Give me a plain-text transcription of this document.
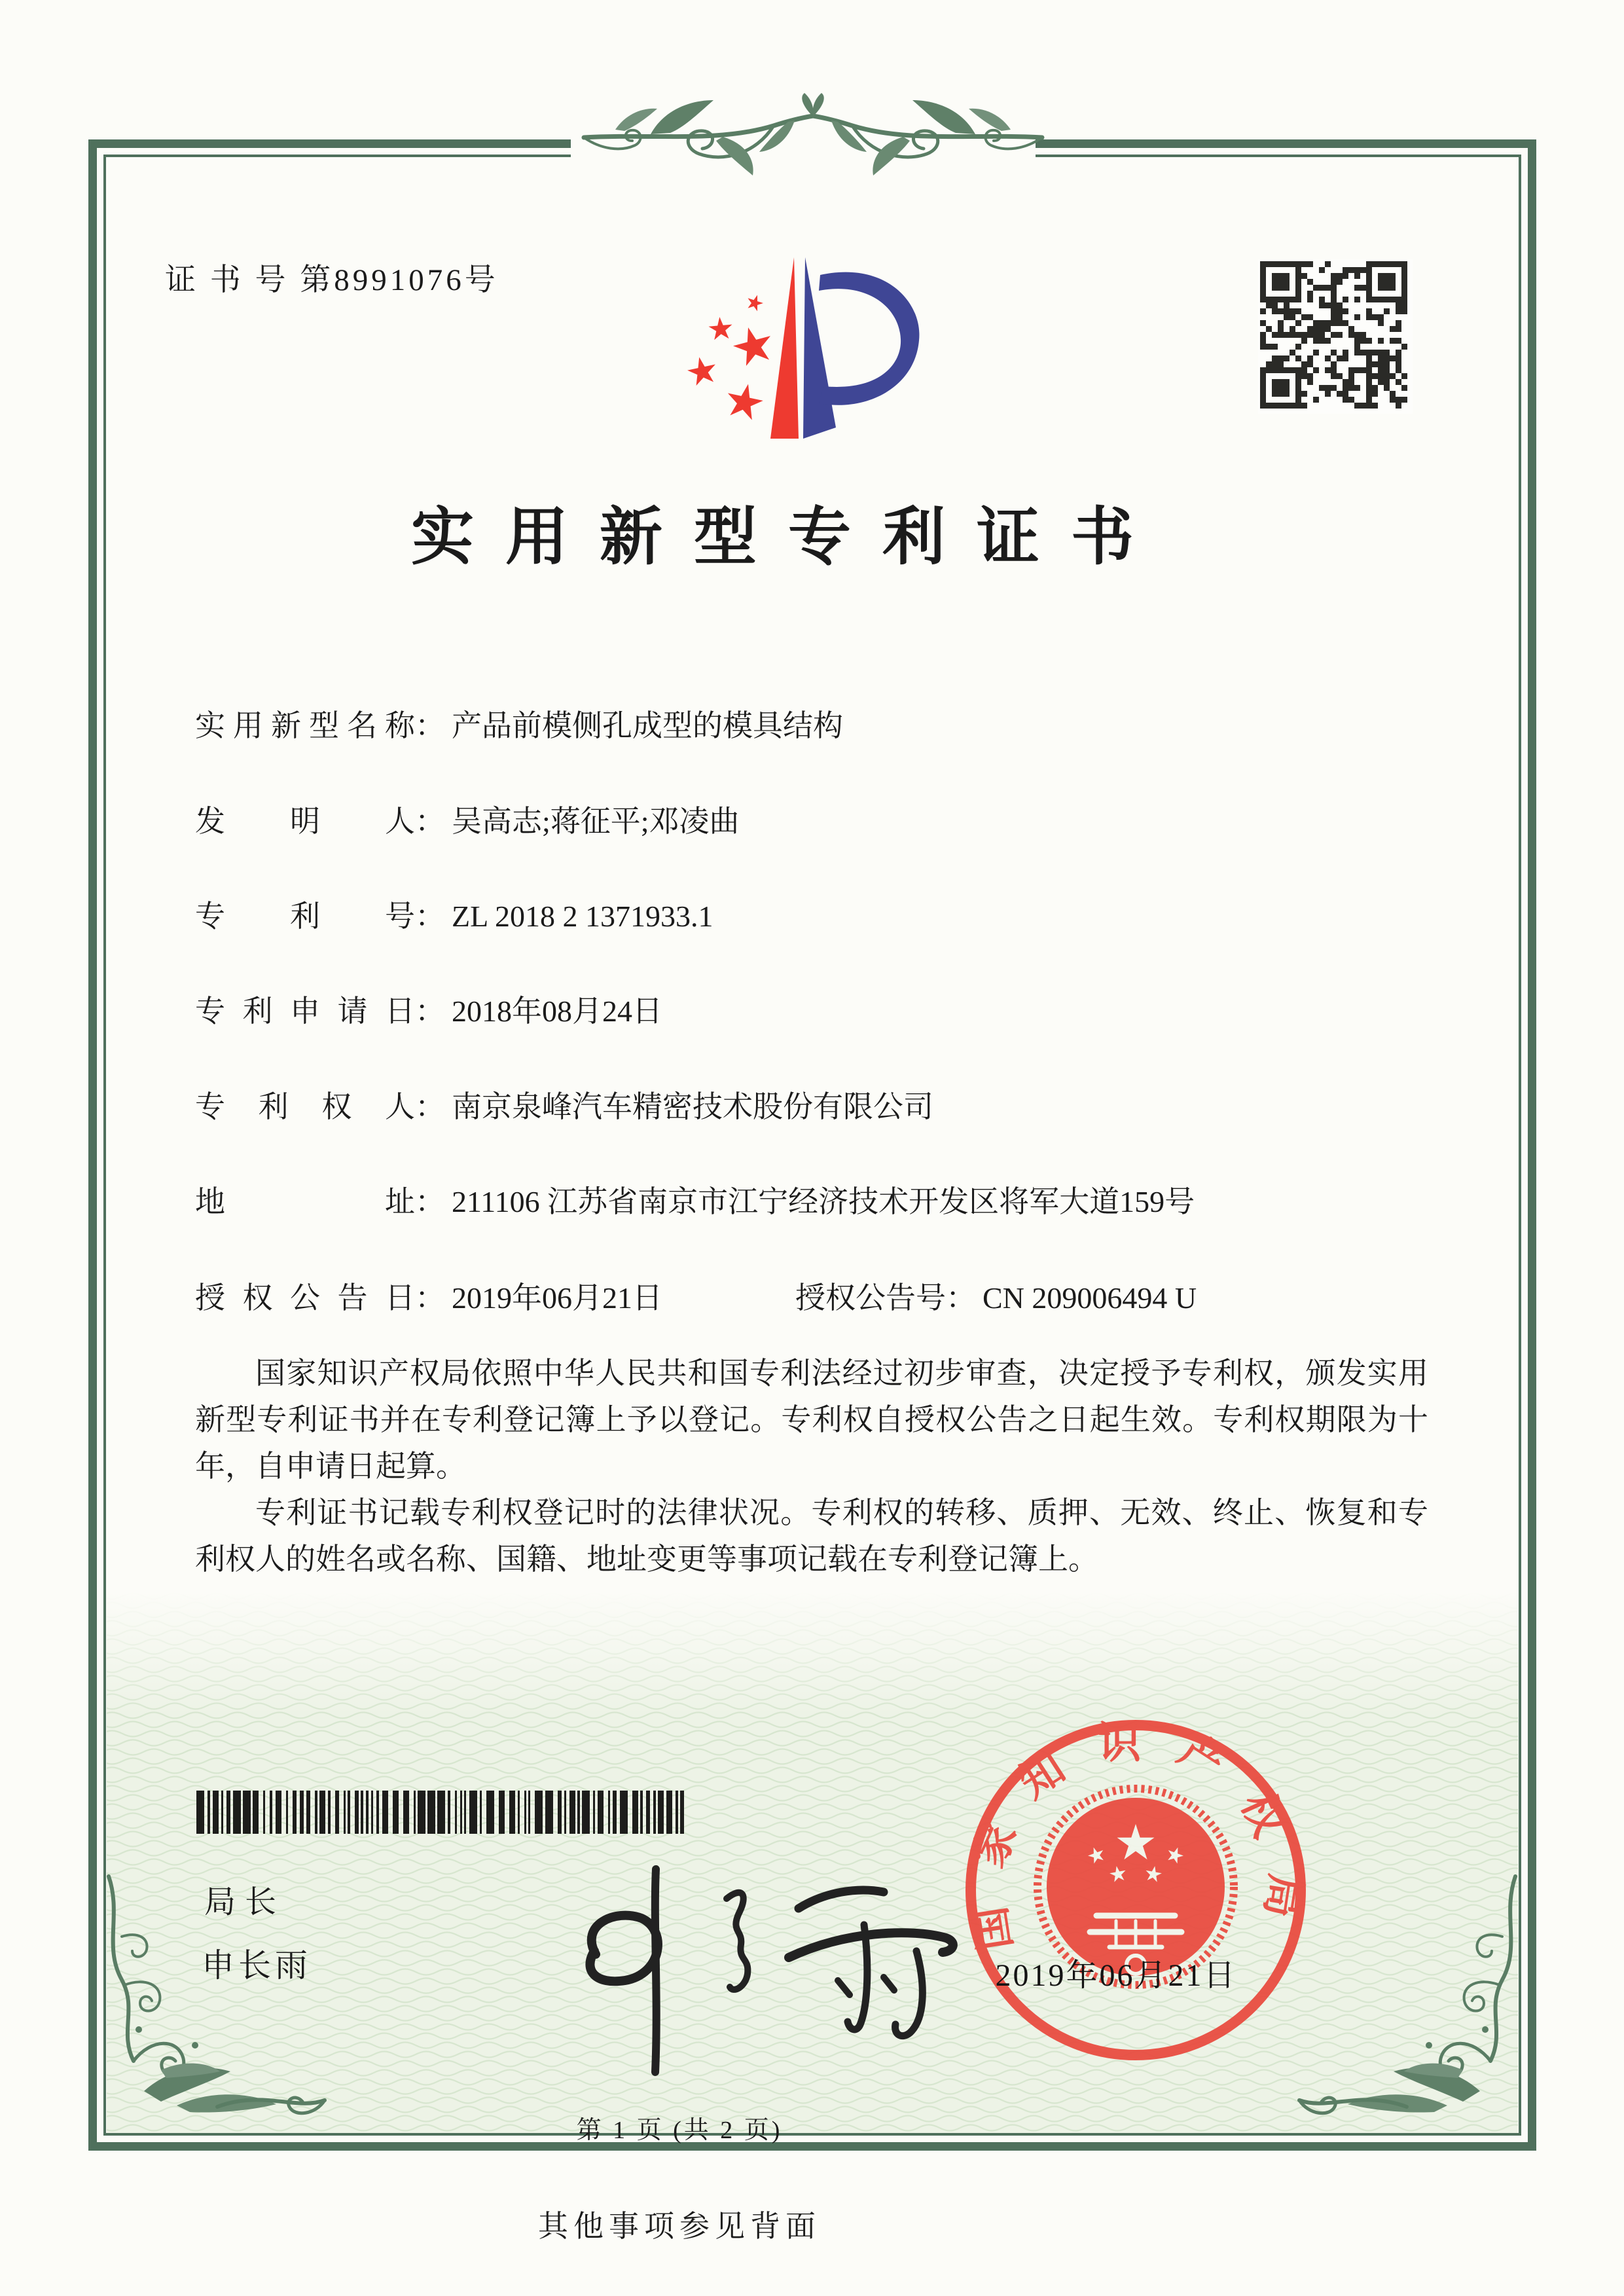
证 书 号 第8991076号
实用新型专利证书
实用新型名称： 产品前模侧孔成型的模具结构
发明人： 吴高志;蒋征平;邓凌曲
专利号： ZL 2018 2 1371933.1
专利申请日： 2018年08月24日
专利权人： 南京泉峰汽车精密技术股份有限公司
地址： 211106 江苏省南京市江宁经济技术开发区将军大道159号
授权公告日： 2019年06月21日	授权公告号： CN 209006494 U

国家知识产权局依照中华人民共和国专利法经过初步审查，决定授予专利权，颁发实用新型专利证书并在专利登记簿上予以登记。专利权自授权公告之日起生效。专利权期限为十年，自申请日起算。

专利证书记载专利权登记时的法律状况。专利权的转移、质押、无效、终止、恢复和专利权人的姓名或名称、国籍、地址变更等事项记载在专利登记簿上。

局长
申长雨
国家知识产权局
2019年06月21日
第 1 页 (共 2 页)
其他事项参见背面
